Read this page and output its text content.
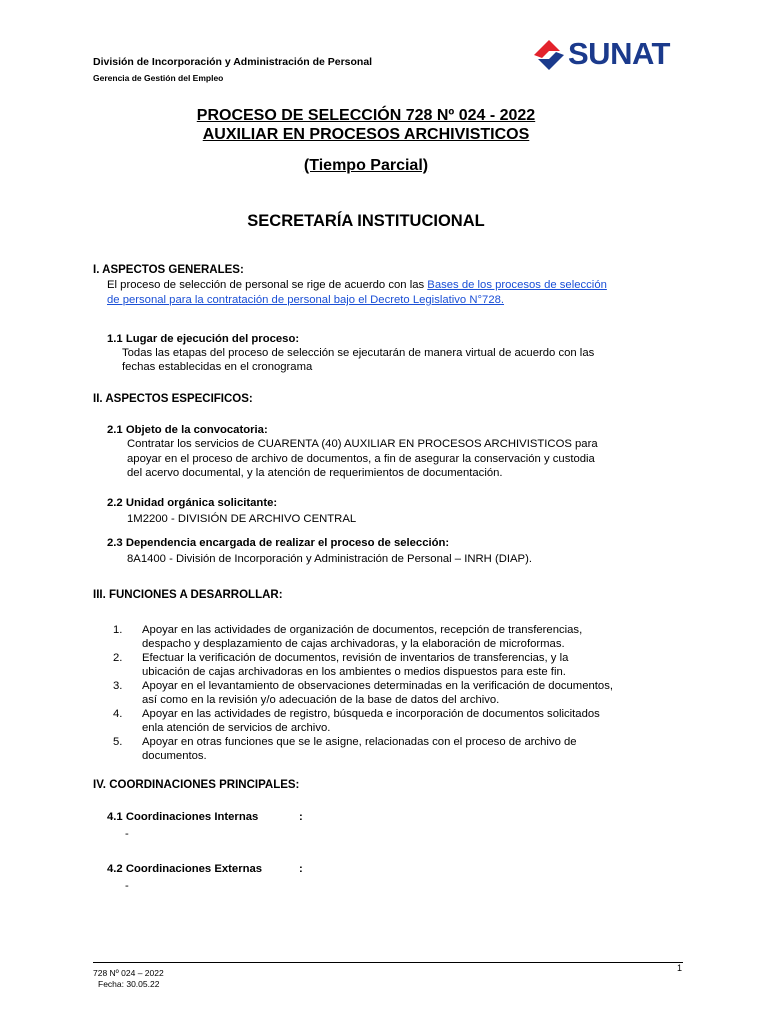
División de Incorporación y Administración de Personal
Gerencia de Gestión del Empleo
SUNAT
PROCESO DE SELECCIÓN 728 Nº 024 - 2022
AUXILIAR EN PROCESOS ARCHIVISTICOS
(Tiempo Parcial)
SECRETARÍA INSTITUCIONAL
I. ASPECTOS GENERALES:
El proceso de selección de personal se rige de acuerdo con las Bases de los procesos de selección
de personal para la contratación de personal bajo el Decreto Legislativo N°728.
1.1 Lugar de ejecución del proceso:
Todas las etapas del proceso de selección se ejecutarán de manera virtual de acuerdo con las
fechas establecidas en el cronograma
II. ASPECTOS ESPECIFICOS:
2.1 Objeto de la convocatoria:
Contratar los servicios de CUARENTA (40) AUXILIAR EN PROCESOS ARCHIVISTICOS para
apoyar en el proceso de archivo de documentos, a fin de asegurar la conservación y custodia
del acervo documental, y la atención de requerimientos de documentación.
2.2 Unidad orgánica solicitante:
1M2200 - DIVISIÓN DE ARCHIVO CENTRAL
2.3 Dependencia encargada de realizar el proceso de selección:
8A1400 - División de Incorporación y Administración de Personal – INRH (DIAP).
III. FUNCIONES A DESARROLLAR:
1. Apoyar en las actividades de organización de documentos, recepción de transferencias,
despacho y desplazamiento de cajas archivadoras, y la elaboración de microformas.
2. Efectuar la verificación de documentos, revisión de inventarios de transferencias, y la
ubicación de cajas archivadoras en los ambientes o medios dispuestos para este fin.
3. Apoyar en el levantamiento de observaciones determinadas en la verificación de documentos,
así como en la revisión y/o adecuación de la base de datos del archivo.
4. Apoyar en las actividades de registro, búsqueda e incorporación de documentos solicitados
enla atención de servicios de archivo.
5. Apoyar en otras funciones que se le asigne, relacionadas con el proceso de archivo de
documentos.
IV. COORDINACIONES PRINCIPALES:
4.1 Coordinaciones Internas	:
-
4.2 Coordinaciones Externas	:
-
728 Nº 024 – 2022
Fecha: 30.05.22
1
